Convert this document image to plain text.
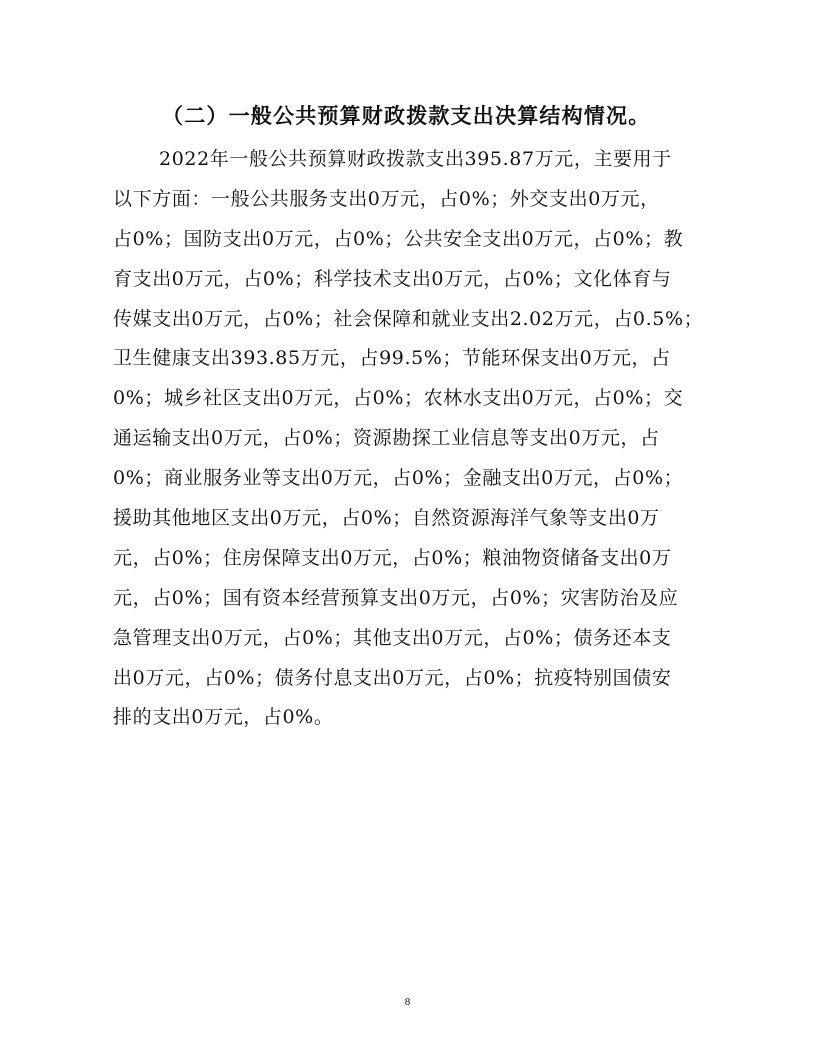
（二）一般公共预算财政拨款支出决算结构情况。
2022年一般公共预算财政拨款支出395.87万元，主要用于
以下方面：一般公共服务支出0万元，占0%；外交支出0万元，
占0%；国防支出0万元，占0%；公共安全支出0万元，占0%；教
育支出0万元，占0%；科学技术支出0万元，占0%；文化体育与
传媒支出0万元，占0%；社会保障和就业支出2.02万元，占0.5%；
卫生健康支出393.85万元，占99.5%；节能环保支出0万元，占
0%；城乡社区支出0万元，占0%；农林水支出0万元，占0%；交
通运输支出0万元，占0%；资源勘探工业信息等支出0万元，占
0%；商业服务业等支出0万元，占0%；金融支出0万元，占0%；
援助其他地区支出0万元，占0%；自然资源海洋气象等支出0万
元，占0%；住房保障支出0万元，占0%；粮油物资储备支出0万
元，占0%；国有资本经营预算支出0万元，占0%；灾害防治及应
急管理支出0万元，占0%；其他支出0万元，占0%；债务还本支
出0万元，占0%；债务付息支出0万元，占0%；抗疫特别国债安
排的支出0万元，占0%。
8
